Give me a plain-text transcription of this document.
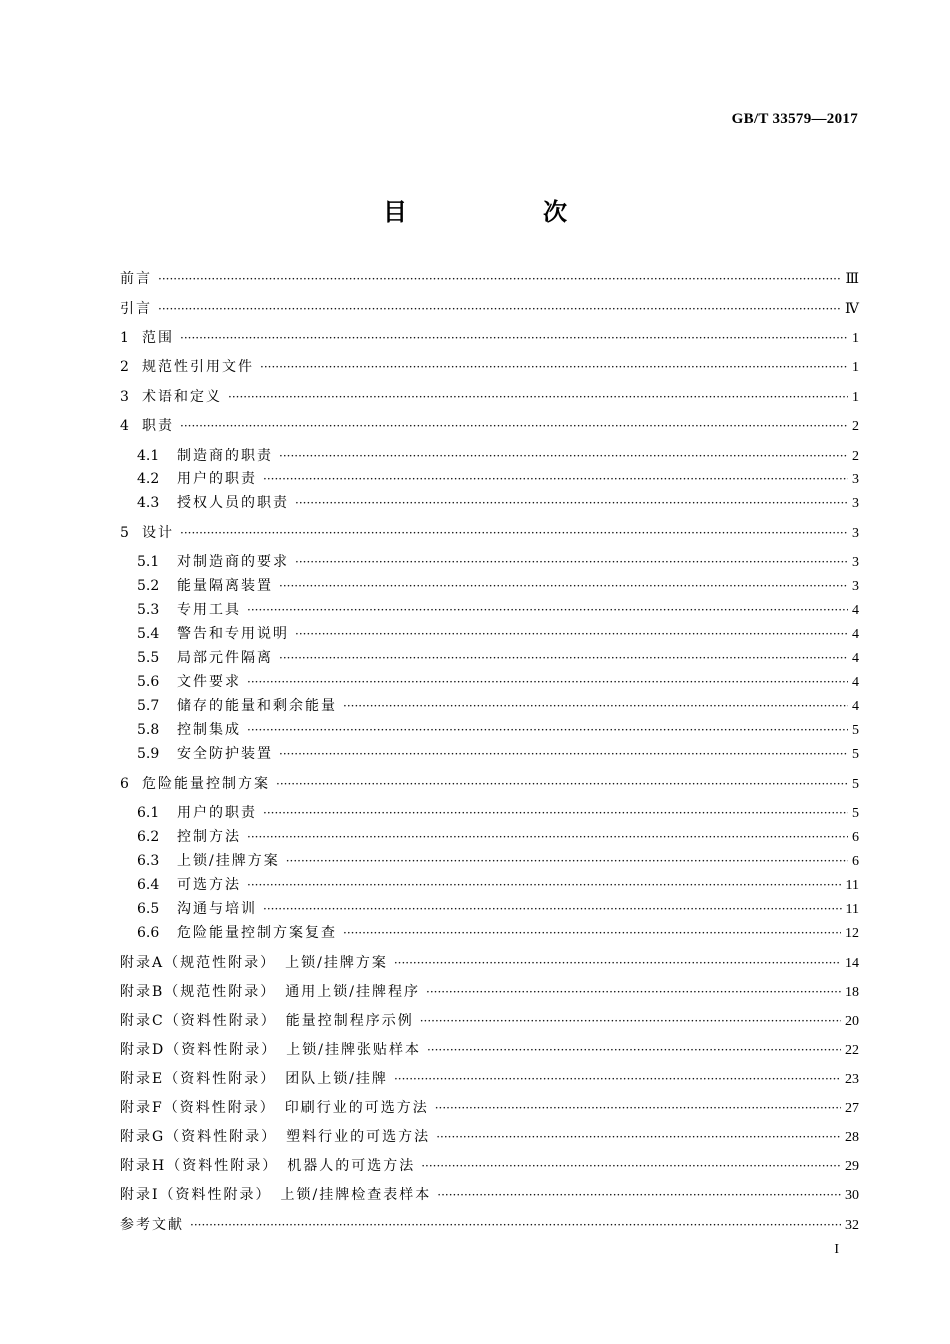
GB/T 33579—2017
目　次
前言 ·····	Ⅲ
引言 ·····	Ⅳ
1 范围 ·····	1
2 规范性引用文件 ·····	1
3 术语和定义 ·····	1
4 职责 ·····	2
4.1 制造商的职责 ·····	2
4.2 用户的职责 ·····	3
4.3 授权人员的职责 ·····	3
5 设计 ·····	3
5.1 对制造商的要求 ·····	3
5.2 能量隔离装置 ·····	3
5.3 专用工具 ·····	4
5.4 警告和专用说明 ·····	4
5.5 局部元件隔离 ·····	4
5.6 文件要求 ·····	4
5.7 储存的能量和剩余能量 ·····	4
5.8 控制集成 ·····	5
5.9 安全防护装置 ·····	5
6 危险能量控制方案 ·····	5
6.1 用户的职责 ·····	5
6.2 控制方法 ·····	6
6.3 上锁/挂牌方案 ·····	6
6.4 可选方法 ·····	11
6.5 沟通与培训 ·····	11
6.6 危险能量控制方案复查 ·····	12
附录A（规范性附录）　上锁/挂牌方案 ·····	14
附录B（规范性附录）　通用上锁/挂牌程序 ·····	18
附录C（资料性附录）　能量控制程序示例 ·····	20
附录D（资料性附录）　上锁/挂牌张贴样本 ·····	22
附录E（资料性附录）　团队上锁/挂牌 ·····	23
附录F（资料性附录）　印刷行业的可选方法 ·····	27
附录G（资料性附录）　塑料行业的可选方法 ·····	28
附录H（资料性附录）　机器人的可选方法 ·····	29
附录I（资料性附录）　上锁/挂牌检查表样本 ·····	30
参考文献 ·····	32
I
